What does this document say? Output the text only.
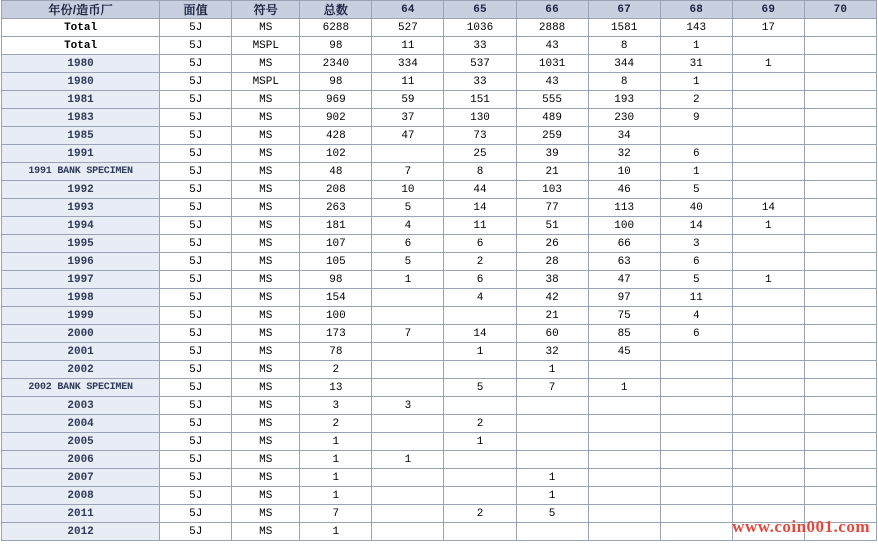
年份/造币厂	面值	符号	总数	64	65	66	67	68	69	70
Total	5J	MS	6288	527	1036	2888	1581	143	17	
Total	5J	MSPL	98	11	33	43	8	1		
1980	5J	MS	2340	334	537	1031	344	31	1	
1980	5J	MSPL	98	11	33	43	8	1		
1981	5J	MS	969	59	151	555	193	2		
1983	5J	MS	902	37	130	489	230	9		
1985	5J	MS	428	47	73	259	34			
1991	5J	MS	102		25	39	32	6		
1991 BANK SPECIMEN	5J	MS	48	7	8	21	10	1		
1992	5J	MS	208	10	44	103	46	5		
1993	5J	MS	263	5	14	77	113	40	14	
1994	5J	MS	181	4	11	51	100	14	1	
1995	5J	MS	107	6	6	26	66	3		
1996	5J	MS	105	5	2	28	63	6		
1997	5J	MS	98	1	6	38	47	5	1	
1998	5J	MS	154		4	42	97	11		
1999	5J	MS	100			21	75	4		
2000	5J	MS	173	7	14	60	85	6		
2001	5J	MS	78		1	32	45			
2002	5J	MS	2			1				
2002 BANK SPECIMEN	5J	MS	13		5	7	1			
2003	5J	MS	3	3						
2004	5J	MS	2		2					
2005	5J	MS	1		1					
2006	5J	MS	1	1						
2007	5J	MS	1			1				
2008	5J	MS	1			1				
2011	5J	MS	7		2	5				
2012	5J	MS	1								www.coin001.com
